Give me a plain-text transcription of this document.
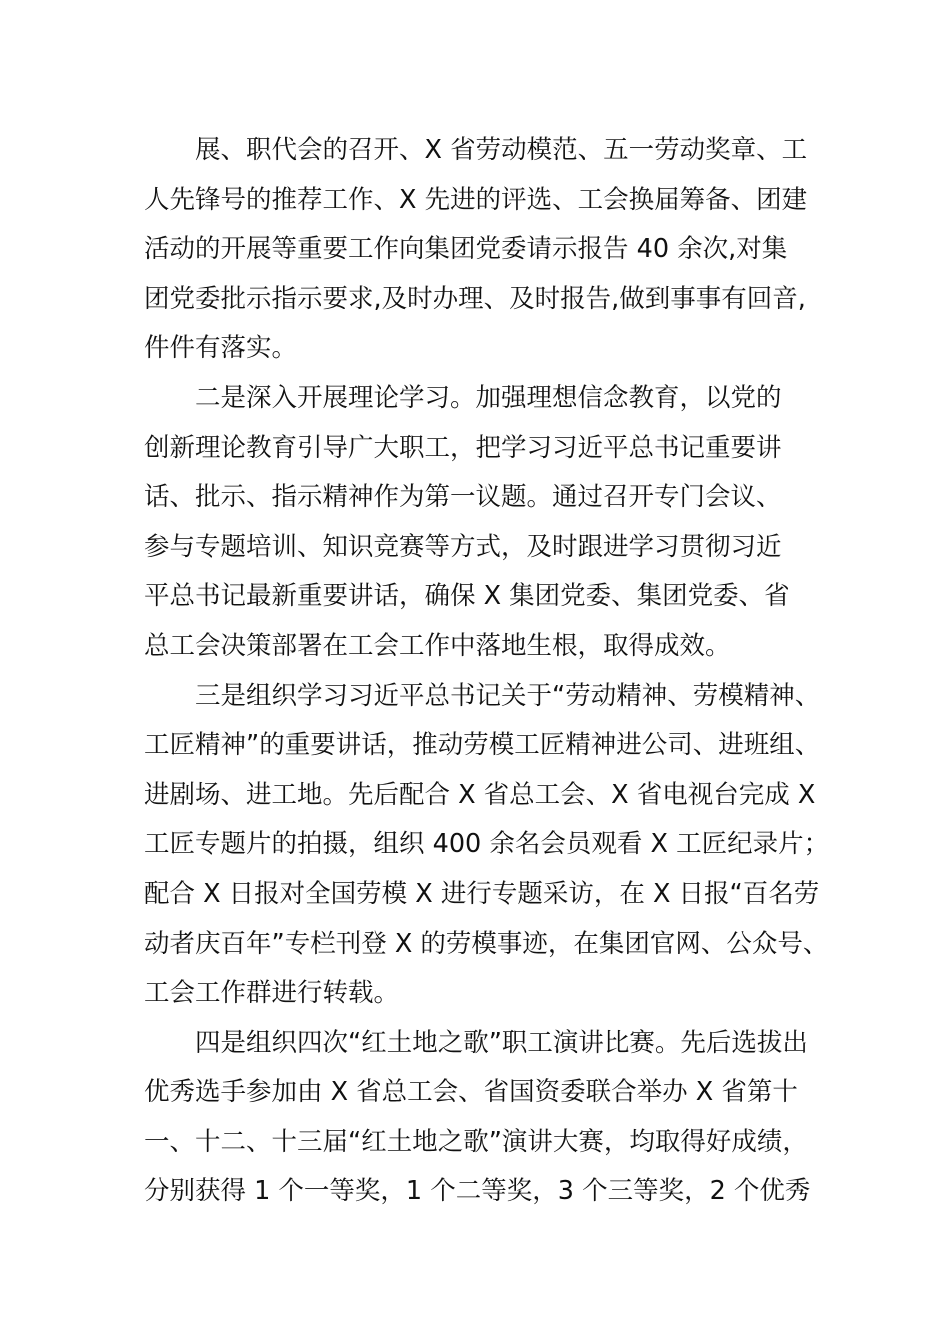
展、职代会的召开、X 省劳动模范、五一劳动奖章、工
人先锋号的推荐工作、X 先进的评选、工会换届筹备、团建
活动的开展等重要工作向集团党委请示报告 40 余次,对集
团党委批示指示要求,及时办理、及时报告,做到事事有回音,
件件有落实。
二是深入开展理论学习。加强理想信念教育，以党的
创新理论教育引导广大职工，把学习习近平总书记重要讲
话、批示、指示精神作为第一议题。通过召开专门会议、
参与专题培训、知识竞赛等方式，及时跟进学习贯彻习近
平总书记最新重要讲话，确保 X 集团党委、集团党委、省
总工会决策部署在工会工作中落地生根，取得成效。
三是组织学习习近平总书记关于“劳动精神、劳模精神、
工匠精神”的重要讲话，推动劳模工匠精神进公司、进班组、
进剧场、进工地。先后配合 X 省总工会、X 省电视台完成 X
工匠专题片的拍摄，组织 400 余名会员观看 X 工匠纪录片；
配合 X 日报对全国劳模 X 进行专题采访，在 X 日报“百名劳
动者庆百年”专栏刊登 X 的劳模事迹，在集团官网、公众号、
工会工作群进行转载。
四是组织四次“红土地之歌”职工演讲比赛。先后选拔出
优秀选手参加由 X 省总工会、省国资委联合举办 X 省第十
一、十二、十三届“红土地之歌”演讲大赛，均取得好成绩，
分别获得 1 个一等奖，1 个二等奖，3 个三等奖，2 个优秀
